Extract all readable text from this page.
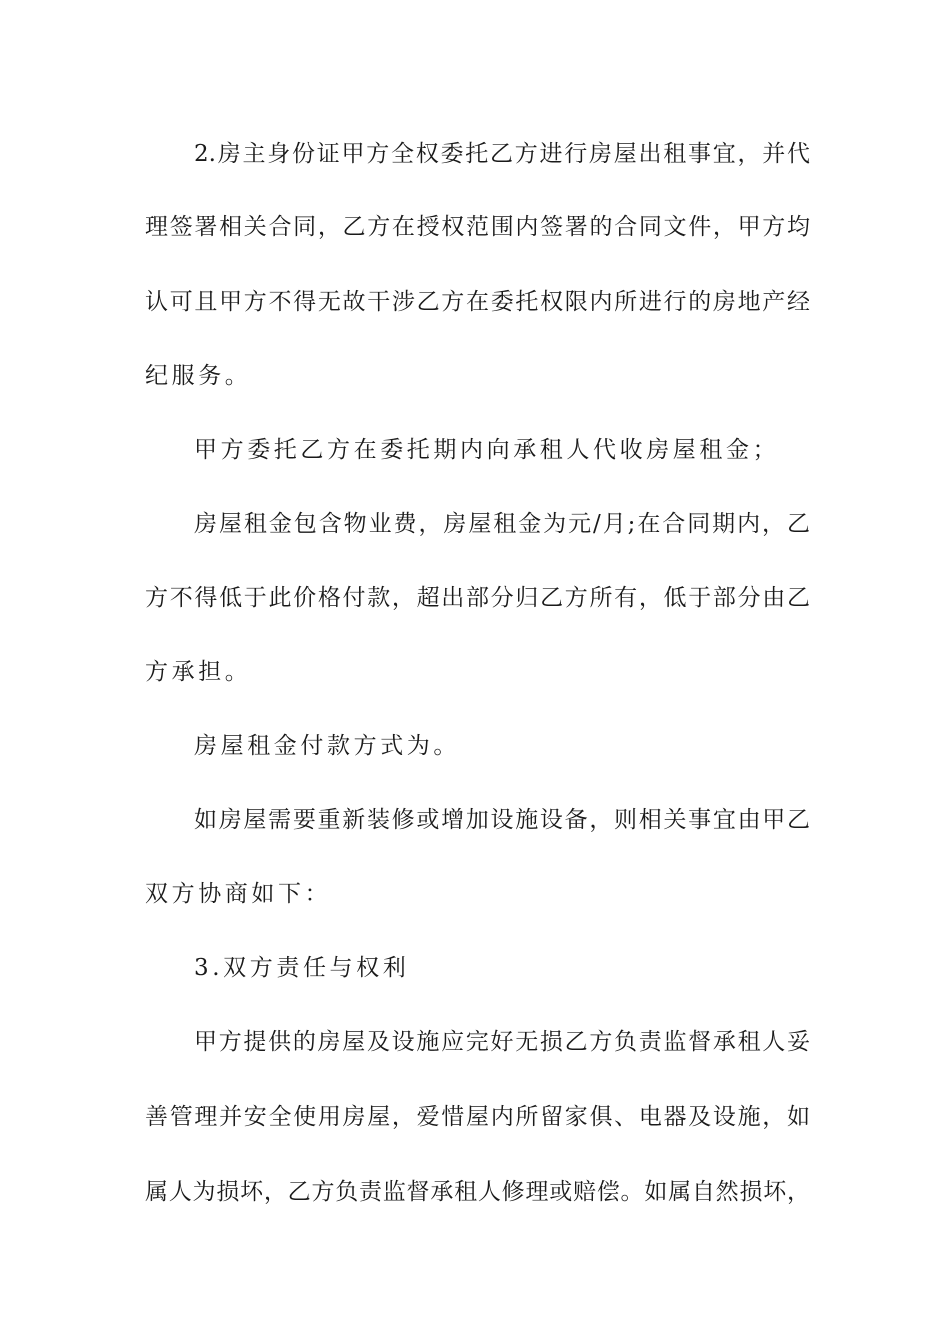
2.房主身份证甲方全权委托乙方进行房屋出租事宜，并代
理签署相关合同，乙方在授权范围内签署的合同文件，甲方均
认可且甲方不得无故干涉乙方在委托权限内所进行的房地产经
纪服务。
甲方委托乙方在委托期内向承租人代收房屋租金；
房屋租金包含物业费，房屋租金为元/月;在合同期内，乙
方不得低于此价格付款，超出部分归乙方所有，低于部分由乙
方承担。
房屋租金付款方式为。
如房屋需要重新装修或增加设施设备，则相关事宜由甲乙
双方协商如下：
3.双方责任与权利
甲方提供的房屋及设施应完好无损乙方负责监督承租人妥
善管理并安全使用房屋，爱惜屋内所留家俱、电器及设施，如
属人为损坏，乙方负责监督承租人修理或赔偿。如属自然损坏，
